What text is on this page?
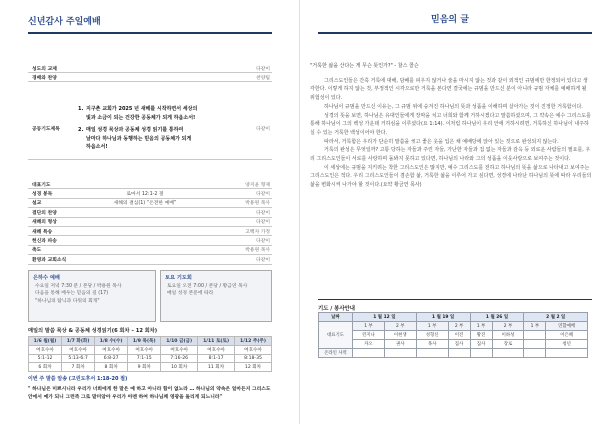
신년감사 주일예배
성도의 교제	다같이
경배와 찬양	찬양팀
공동기도제목
1. 지구촌 교회가 2025 년 새해를 시작하면서 세상의
빛과 소금이 되는 건강한 공동체가 되게 하옵소서!
2. 매일 성경 묵상과 공동체 성경 읽기를 통하여
날마다 하나님과 동행하는 믿음의 공동체가 되게
하옵소서!
다같이
대표기도	양지윤 형제
성경 봉독	로마서 12:1-2 절	다같이
설교	새해의 결심(1) “온전한 예배”	박용원 목사
결단의 찬양	다같이
새해의 형상	다같이
새해 특송	고백자 가정
헌신과 파송	다같이
축도	박용원 목사
환영과 교회소식	다같이
은하수 예배
수요일 저녁 7:30 분 / 본당 / 박용원 목사
다음을 통해 배우는 믿음의 길 (17)
"하나님의 탐닉과 다윗의 회개"
토요 기도회
토요일 오전 7:00 / 본당 / 황금연 목사
매일 성경 본문에 따라
매일의 말씀 묵상 & 공동체 성경읽기(6 회차 – 12 회차)
1/6 월(월)	1/7 화(화)	1/8 수(수)	1/9 목(목)	1/10 금(금)	1/11 토(토)	1/12 주(주)
여호수아	여호수아	여호수아	여호수아	여호수아	여호수아	여호수아
5:1-12	5:13-6:7	6:8-27	7:1-15	7:16-26	8:1-17	8:18-35
6 회차	7 회차	8 회차	9 회차	10 회차	11 회차	12 회차
이번 주 말씀 암송 (고린도후서 1:18-20 절)
" 하나님은 미쁘시니라 우리가 너희에게 한 말은 예 하고 아니라 함이 없노라 … 하나님의 약속은 얼마든지 그리스도 안에서 예가 되니 그런즉 그로 말미암아 우리가 아멘 하여 하나님께 영광을 돌리게 되느니라"
믿음의 글

"거룩한 삶을 산다는 게 무슨 뜻인가?" - 찰스 콜슨

그리스도인들은 간혹 거룩에 대해, 담배를 피우지 않거나 술을 마시지 않는 것과 같이 외적인 규범에만 한정되어 있다고 생각한다. 이렇게 하지 않는 것, 부정적인 시각으로만 거룩을 본다면 결국에는 규범을 만드신 분이 아니라 규범 자체를 예배하게 될 위험성이 있다.

하나님이 규범을 만드신 이유는, 그 규범 위에 숭겨진 하나님의 뜻과 성품을 이해하며 살아가는 것이 진정한 거룩함이다.

성경의 뜻을 보면, 하나님은 유대인들에게 장막을 치고 너희와 함께 거하시겠다고 말씀하셨으며, 그 약속은 예수 그리스도를 통해 하나님이 그의 백성 가운데 거하심을 이루셨다(요 1:14). 이처럼 하나님이 우리 안에 거하시려면, 거룩하신 하나님이 내주하실 수 있는 거룩한 백성이어야 한다.

따라서, 거룩함은 우리가 단순히 말씀을 씻고 좋은 옷을 입은 채 예배당에 앉아 있는 것으로 완성되지 않는다.

거룩의 완성은 무엇일까? 고통 당하는 자들과 주린 자들, 가난한 자들과 집 없는 자들과 감옥 등 외로운 사람들의 필요를, 우리 그리스도인들이 서로를 사랑하며 돌봐지 못하고 있다면, 하나님의 나라와 그의 성품을 이웃사랑으로 보여주는 것이다.

이 세상에는 규범을 지키려는 착한 그리스도인은 많지만, 예수 그리스도를 전하고 하나님의 뜻을 삶으로 나타내고 보여주는 그리스도인은 적다. 우리 그리스도인들이 겸손함 삶, 거룩한 삶을 이루어 가고 싶다면, 성경에 나타난 하나님의 뜻에 따라 우리들의 삶을 변화시켜 나가야 할 것이다.(요약 황금연 목사)

기도 / 봉사안내
날짜	1 월 12 일		1 월 19 일		1 월 26 일		2 월 2 일	
대표기도	1 부	2 부	1 부	2 부	1 부	2 부	1 부	연합예배
	윈지나	이현생	성형신	이진	황진	이하성		이은혜
	자오	권사	목사	집사	집사	장로		청년
온라인 사역								
